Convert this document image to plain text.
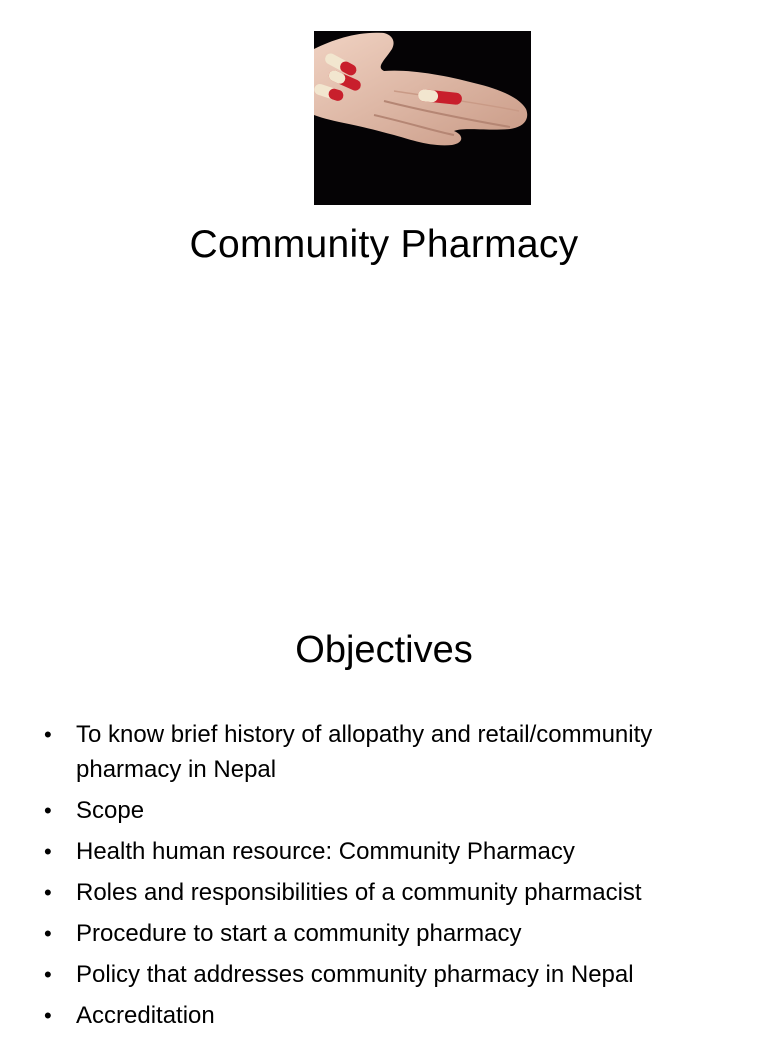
Community Pharmacy
Objectives
• To know brief history of allopathy and retail/community pharmacy in Nepal
• Scope
• Health human resource: Community Pharmacy
• Roles and responsibilities of a community pharmacist
• Procedure to start a community pharmacy
• Policy that addresses community pharmacy in Nepal
• Accreditation
